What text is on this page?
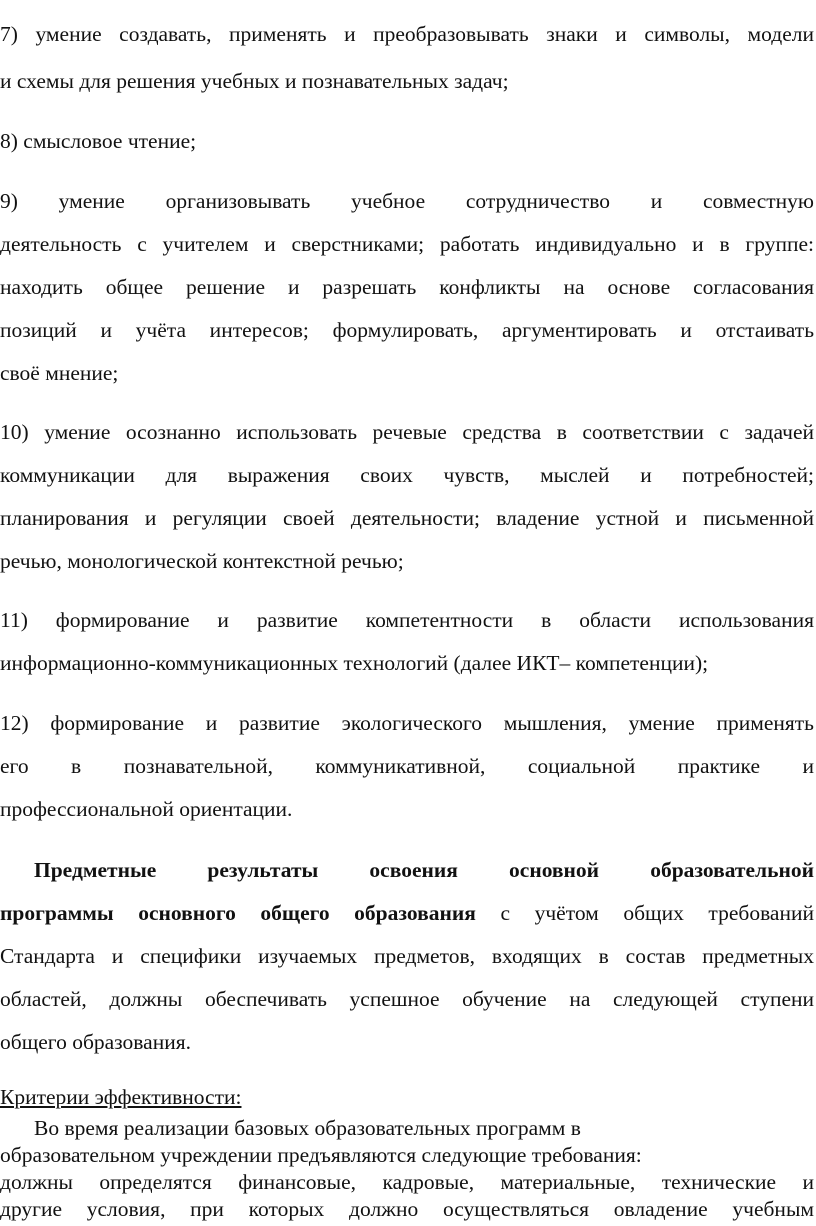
7) умение создавать, применять и преобразовывать знаки и символы, модели
и схемы для решения учебных и познавательных задач;
8) смысловое чтение;
9) умение организовывать учебное сотрудничество и совместную
деятельность с учителем и сверстниками; работать индивидуально и в группе:
находить общее решение и разрешать конфликты на основе согласования
позиций и учёта интересов; формулировать, аргументировать и отстаивать
своё мнение;
10) умение осознанно использовать речевые средства в соответствии с задачей
коммуникации для выражения своих чувств, мыслей и потребностей;
планирования и регуляции своей деятельности; владение устной и письменной
речью, монологической контекстной речью;
11) формирование и развитие компетентности в области использования
информационно-коммуникационных технологий (далее ИКТ– компетенции);
12) формирование и развитие экологического мышления, умение применять
его в познавательной, коммуникативной, социальной практике и
профессиональной ориентации.
Предметные результаты освоения основной образовательной
программы основного общего образования с учётом общих требований
Стандарта и специфики изучаемых предметов, входящих в состав предметных
областей, должны обеспечивать успешное обучение на следующей ступени
общего образования.
Критерии эффективности:
Во время реализации базовых образовательных программ в
образовательном учреждении предъявляются следующие требования:
должны определятся финансовые, кадровые, материальные, технические и
другие условия, при которых должно осуществляться овладение учебным
